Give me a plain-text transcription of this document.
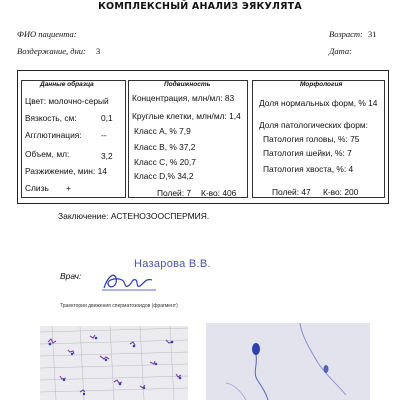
КОМПЛЕКСНЫЙ АНАЛИЗ ЭЯКУЛЯТА
ФИО пациента:	Возраст: 31
Воздержание, дни: 3	Дата:
Данные образца
Цвет: молочно-серый
Вязкость, см:	0,1
Агглютинация: --
Объем, мл:	3,2
Разжижение, мин: 14
Слизь +
Подвижность
Концентрация, млн/мл: 83
Круглые клетки, млн/мл: 1,4
Класс А, % 7,9
Класс В, % 37,2
Класс С, % 20,7
Класс D,% 34,2
Полей: 7 К-во: 406
Морфология
Доля нормальных форм, % 14
Доля патологических форм:
Патология головы, %: 75
Патология шейки, %: 7
Патология хвоста, %: 4
Полей: 47 К-во: 200
Заключение: АСТЕНОЗООСПЕРМИЯ.
Врач:
Назарова В.В.
Траектории движения сперматозоидов (фрагмент)
